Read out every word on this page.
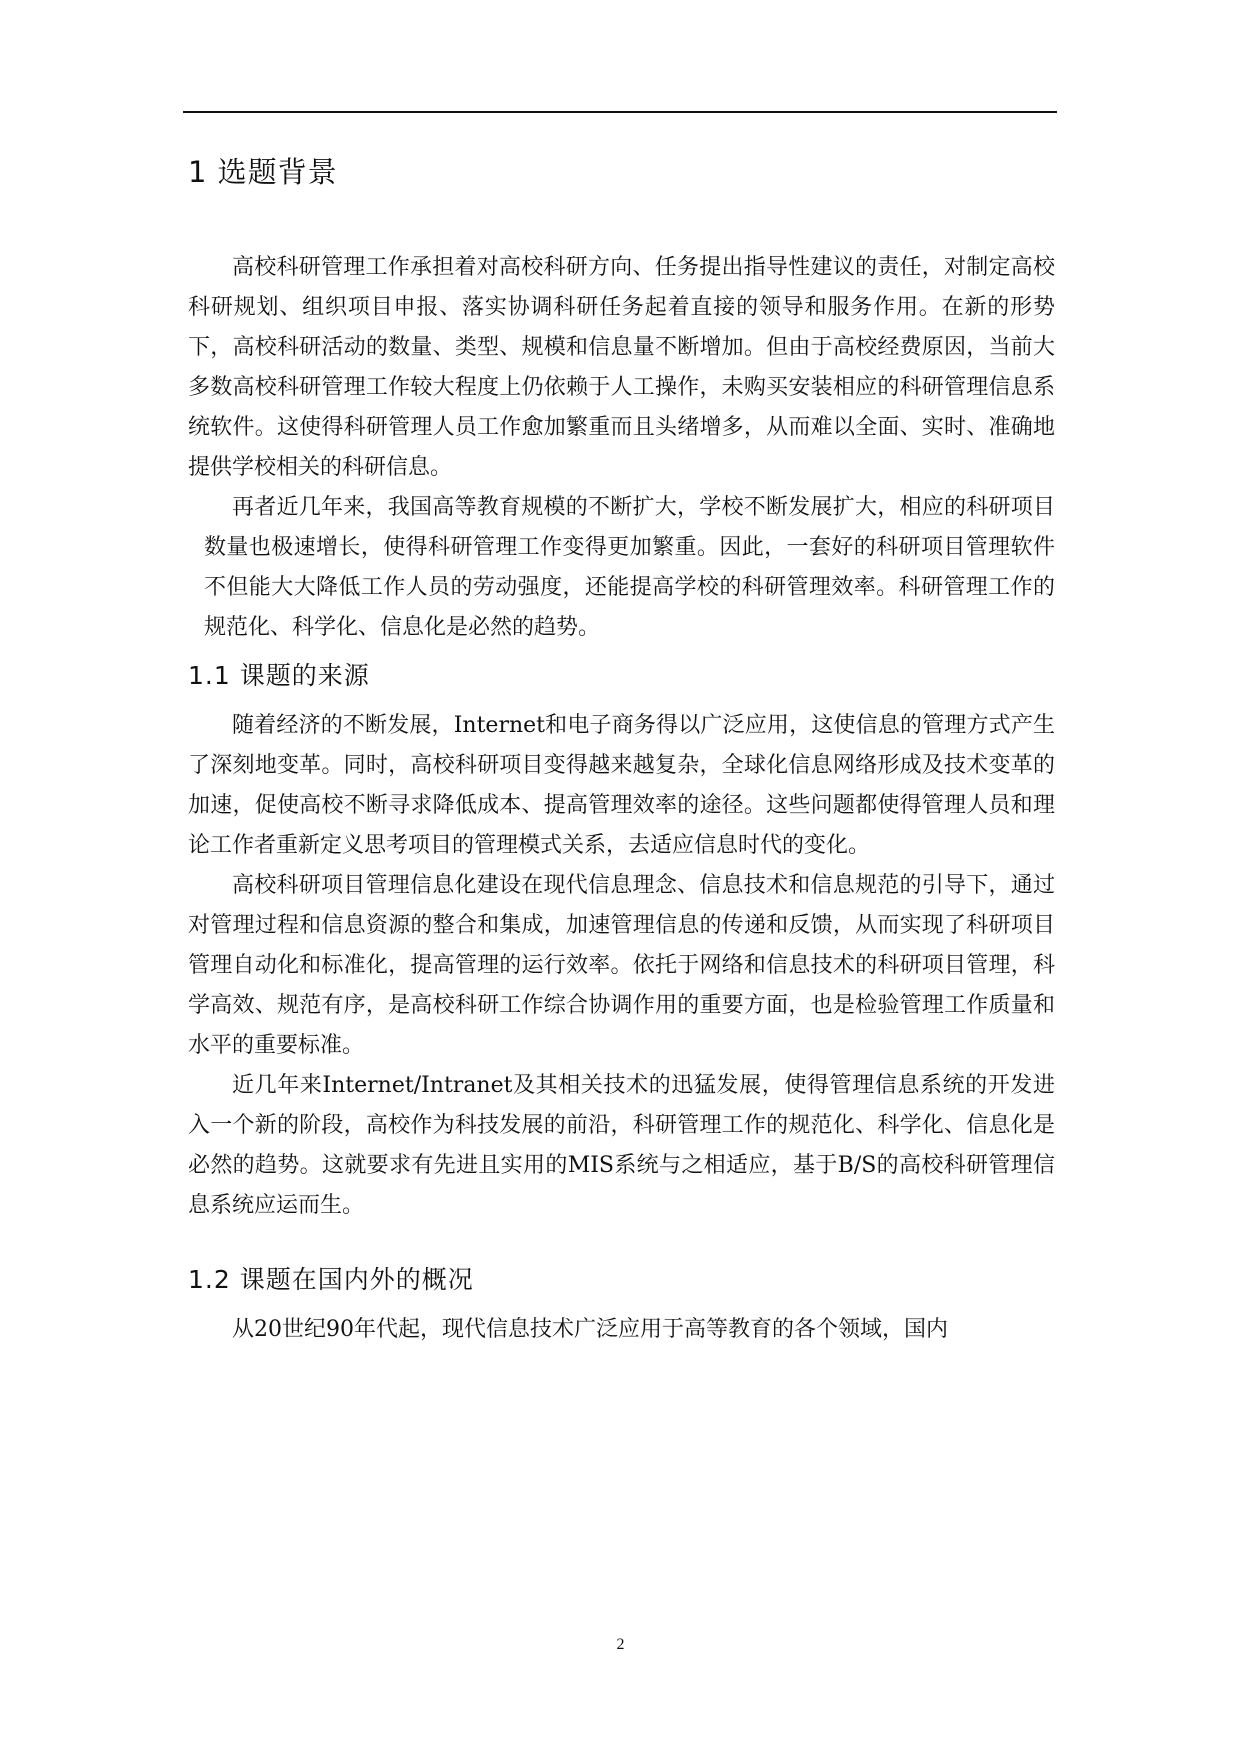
1 选题背景

高校科研管理工作承担着对高校科研方向、任务提出指导性建议的责任，对制定高校科研规划、组织项目申报、落实协调科研任务起着直接的领导和服务作用。在新的形势下，高校科研活动的数量、类型、规模和信息量不断增加。但由于高校经费原因，当前大多数高校科研管理工作较大程度上仍依赖于人工操作，未购买安装相应的科研管理信息系统软件。这使得科研管理人员工作愈加繁重而且头绪增多，从而难以全面、实时、准确地提供学校相关的科研信息。

再者近几年来，我国高等教育规模的不断扩大，学校不断发展扩大，相应的科研项目数量也极速增长，使得科研管理工作变得更加繁重。因此，一套好的科研项目管理软件不但能大大降低工作人员的劳动强度，还能提高学校的科研管理效率。科研管理工作的规范化、科学化、信息化是必然的趋势。

1.1 课题的来源

随着经济的不断发展，Internet和电子商务得以广泛应用，这使信息的管理方式产生了深刻地变革。同时，高校科研项目变得越来越复杂，全球化信息网络形成及技术变革的加速，促使高校不断寻求降低成本、提高管理效率的途径。这些问题都使得管理人员和理论工作者重新定义思考项目的管理模式关系，去适应信息时代的变化。

高校科研项目管理信息化建设在现代信息理念、信息技术和信息规范的引导下，通过对管理过程和信息资源的整合和集成，加速管理信息的传递和反馈，从而实现了科研项目管理自动化和标准化，提高管理的运行效率。依托于网络和信息技术的科研项目管理，科学高效、规范有序，是高校科研工作综合协调作用的重要方面，也是检验管理工作质量和水平的重要标准。

近几年来Internet/Intranet及其相关技术的迅猛发展，使得管理信息系统的开发进入一个新的阶段，高校作为科技发展的前沿，科研管理工作的规范化、科学化、信息化是必然的趋势。这就要求有先进且实用的MIS系统与之相适应，基于B/S的高校科研管理信息系统应运而生。

1.2 课题在国内外的概况

从20世纪90年代起，现代信息技术广泛应用于高等教育的各个领域，国内

2
